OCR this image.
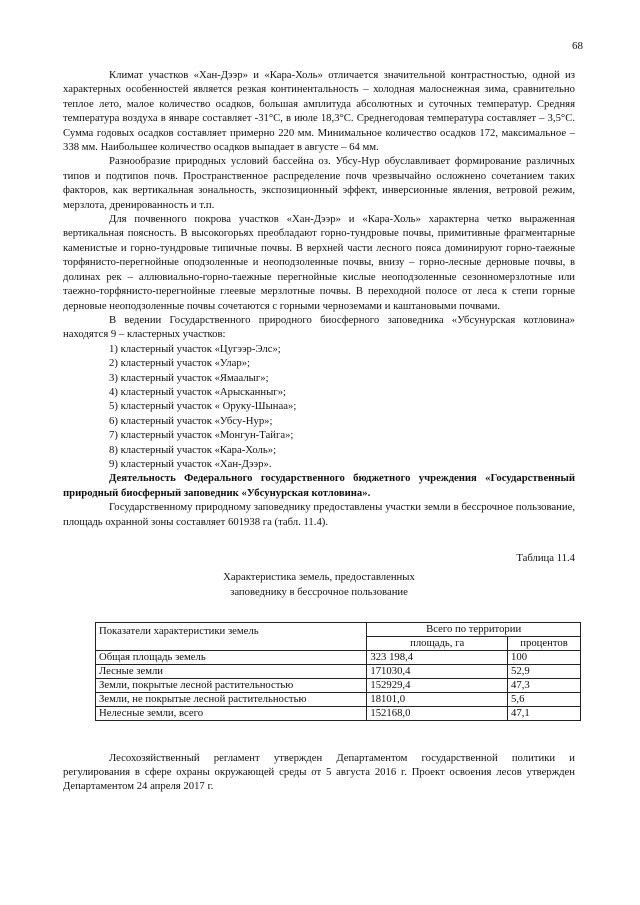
68

Климат участков «Хан-Дээр» и «Кара-Холь» отличается значительной контрастностью, одной из характерных особенностей является резкая континентальность – холодная малоснежная зима, сравнительно теплое лето, малое количество осадков, большая амплитуда абсолютных и суточных температур. Средняя температура воздуха в январе составляет -31°С, в июле 18,3°С. Среднегодовая температура составляет – 3,5°С. Сумма годовых осадков составляет примерно 220 мм. Минимальное количество осадков 172, максимальное – 338 мм. Наибольшее количество осадков выпадает в августе – 64 мм.

Разнообразие природных условий бассейна оз. Убсу-Нур обуславливает формирование различных типов и подтипов почв. Пространственное распределение почв чрезвычайно осложнено сочетанием таких факторов, как вертикальная зональность, экспозиционный эффект, инверсионные явления, ветровой режим, мерзлота, дренированность и т.п.

Для почвенного покрова участков «Хан-Дээр» и «Кара-Холь» характерна четко выраженная вертикальная поясность. В высокогорьях преобладают горно-тундровые почвы, примитивные фрагментарные каменистые и горно-тундровые типичные почвы. В верхней части лесного пояса доминируют горно-таежные торфянисто-перегнойные оподзоленные и неоподзоленные почвы, внизу – горно-лесные дерновые почвы, в долинах рек – аллювиально-горно-таежные перегнойные кислые неоподзоленные сезонномерзлотные или таежно-торфянисто-перегнойные глеевые мерзлотные почвы. В переходной полосе от леса к степи горные дерновые неоподзоленные почвы сочетаются с горными черноземами и каштановыми почвами.

В ведении Государственного природного биосферного заповедника «Убсунурская котловина» находятся 9 – кластерных участков:

1) кластерный участок «Цугээр-Элс»;
2) кластерный участок «Улар»;
3) кластерный участок «Ямаалыг»;
4) кластерный участок «Арысканныг»;
5) кластерный участок « Оруку-Шынаа»;
6) кластерный участок «Убсу-Нур»;
7) кластерный участок «Монгун-Тайга»;
8) кластерный участок «Кара-Холь»;
9) кластерный участок «Хан-Дээр».

Деятельность Федерального государственного бюджетного учреждения «Государственный природный биосферный заповедник «Убсунурская котловина».

Государственному природному заповеднику предоставлены участки земли в бессрочное пользование, площадь охранной зоны составляет 601938 га (табл. 11.4).

Таблица 11.4
Характеристика земель, предоставленных
заповеднику в бессрочное пользование
Показатели характеристики земель	Всего по территории	
	площадь, га	процентов
Общая площадь земель	323 198,4	100
Лесные земли	171030,4	52,9
Земли, покрытые лесной растительностью	152929,4	47,3
Земли, не покрытые лесной растительностью	18101,0	5,6
Нелесные земли, всего	152168,0	47,1

Лесохозяйственный регламент утвержден Департаментом государственной политики и регулирования в сфере охраны окружающей среды от 5 августа 2016 г. Проект освоения лесов утвержден Департаментом 24 апреля 2017 г.
